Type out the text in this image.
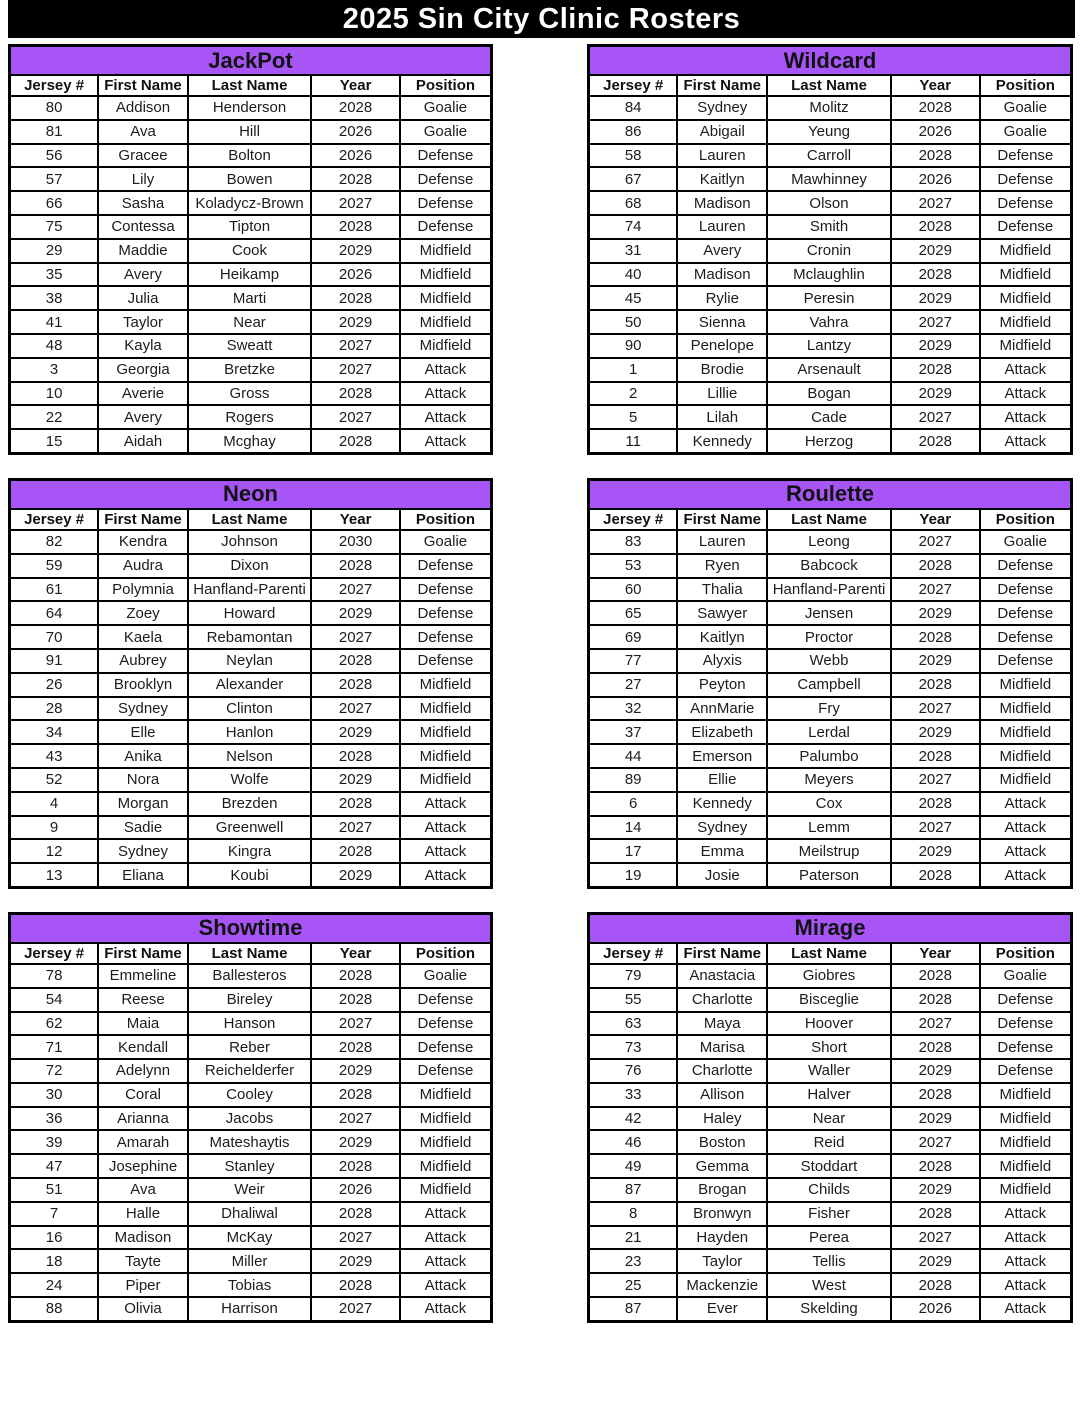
2025 Sin City Clinic Rosters
JackPot				
Jersey #	First Name	Last Name	Year	Position
80	Addison	Henderson	2028	Goalie
81	Ava	Hill	2026	Goalie
56	Gracee	Bolton	2026	Defense
57	Lily	Bowen	2028	Defense
66	Sasha	Koladycz-Brown	2027	Defense
75	Contessa	Tipton	2028	Defense
29	Maddie	Cook	2029	Midfield
35	Avery	Heikamp	2026	Midfield
38	Julia	Marti	2028	Midfield
41	Taylor	Near	2029	Midfield
48	Kayla	Sweatt	2027	Midfield
3	Georgia	Bretzke	2027	Attack
10	Averie	Gross	2028	Attack
22	Avery	Rogers	2027	Attack
15	Aidah	Mcghay	2028	Attack
Wildcard				
Jersey #	First Name	Last Name	Year	Position
84	Sydney	Molitz	2028	Goalie
86	Abigail	Yeung	2026	Goalie
58	Lauren	Carroll	2028	Defense
67	Kaitlyn	Mawhinney	2026	Defense
68	Madison	Olson	2027	Defense
74	Lauren	Smith	2028	Defense
31	Avery	Cronin	2029	Midfield
40	Madison	Mclaughlin	2028	Midfield
45	Rylie	Peresin	2029	Midfield
50	Sienna	Vahra	2027	Midfield
90	Penelope	Lantzy	2029	Midfield
1	Brodie	Arsenault	2028	Attack
2	Lillie	Bogan	2029	Attack
5	Lilah	Cade	2027	Attack
11	Kennedy	Herzog	2028	Attack
Neon				
Jersey #	First Name	Last Name	Year	Position
82	Kendra	Johnson	2030	Goalie
59	Audra	Dixon	2028	Defense
61	Polymnia	Hanfland-Parenti	2027	Defense
64	Zoey	Howard	2029	Defense
70	Kaela	Rebamontan	2027	Defense
91	Aubrey	Neylan	2028	Defense
26	Brooklyn	Alexander	2028	Midfield
28	Sydney	Clinton	2027	Midfield
34	Elle	Hanlon	2029	Midfield
43	Anika	Nelson	2028	Midfield
52	Nora	Wolfe	2029	Midfield
4	Morgan	Brezden	2028	Attack
9	Sadie	Greenwell	2027	Attack
12	Sydney	Kingra	2028	Attack
13	Eliana	Koubi	2029	Attack
Roulette				
Jersey #	First Name	Last Name	Year	Position
83	Lauren	Leong	2027	Goalie
53	Ryen	Babcock	2028	Defense
60	Thalia	Hanfland-Parenti	2027	Defense
65	Sawyer	Jensen	2029	Defense
69	Kaitlyn	Proctor	2028	Defense
77	Alyxis	Webb	2029	Defense
27	Peyton	Campbell	2028	Midfield
32	AnnMarie	Fry	2027	Midfield
37	Elizabeth	Lerdal	2029	Midfield
44	Emerson	Palumbo	2028	Midfield
89	Ellie	Meyers	2027	Midfield
6	Kennedy	Cox	2028	Attack
14	Sydney	Lemm	2027	Attack
17	Emma	Meilstrup	2029	Attack
19	Josie	Paterson	2028	Attack
Showtime				
Jersey #	First Name	Last Name	Year	Position
78	Emmeline	Ballesteros	2028	Goalie
54	Reese	Bireley	2028	Defense
62	Maia	Hanson	2027	Defense
71	Kendall	Reber	2028	Defense
72	Adelynn	Reichelderfer	2029	Defense
30	Coral	Cooley	2028	Midfield
36	Arianna	Jacobs	2027	Midfield
39	Amarah	Mateshaytis	2029	Midfield
47	Josephine	Stanley	2028	Midfield
51	Ava	Weir	2026	Midfield
7	Halle	Dhaliwal	2028	Attack
16	Madison	McKay	2027	Attack
18	Tayte	Miller	2029	Attack
24	Piper	Tobias	2028	Attack
88	Olivia	Harrison	2027	Attack
Mirage				
Jersey #	First Name	Last Name	Year	Position
79	Anastacia	Giobres	2028	Goalie
55	Charlotte	Bisceglie	2028	Defense
63	Maya	Hoover	2027	Defense
73	Marisa	Short	2028	Defense
76	Charlotte	Waller	2029	Defense
33	Allison	Halver	2028	Midfield
42	Haley	Near	2029	Midfield
46	Boston	Reid	2027	Midfield
49	Gemma	Stoddart	2028	Midfield
87	Brogan	Childs	2029	Midfield
8	Bronwyn	Fisher	2028	Attack
21	Hayden	Perea	2027	Attack
23	Taylor	Tellis	2029	Attack
25	Mackenzie	West	2028	Attack
87	Ever	Skelding	2026	Attack
